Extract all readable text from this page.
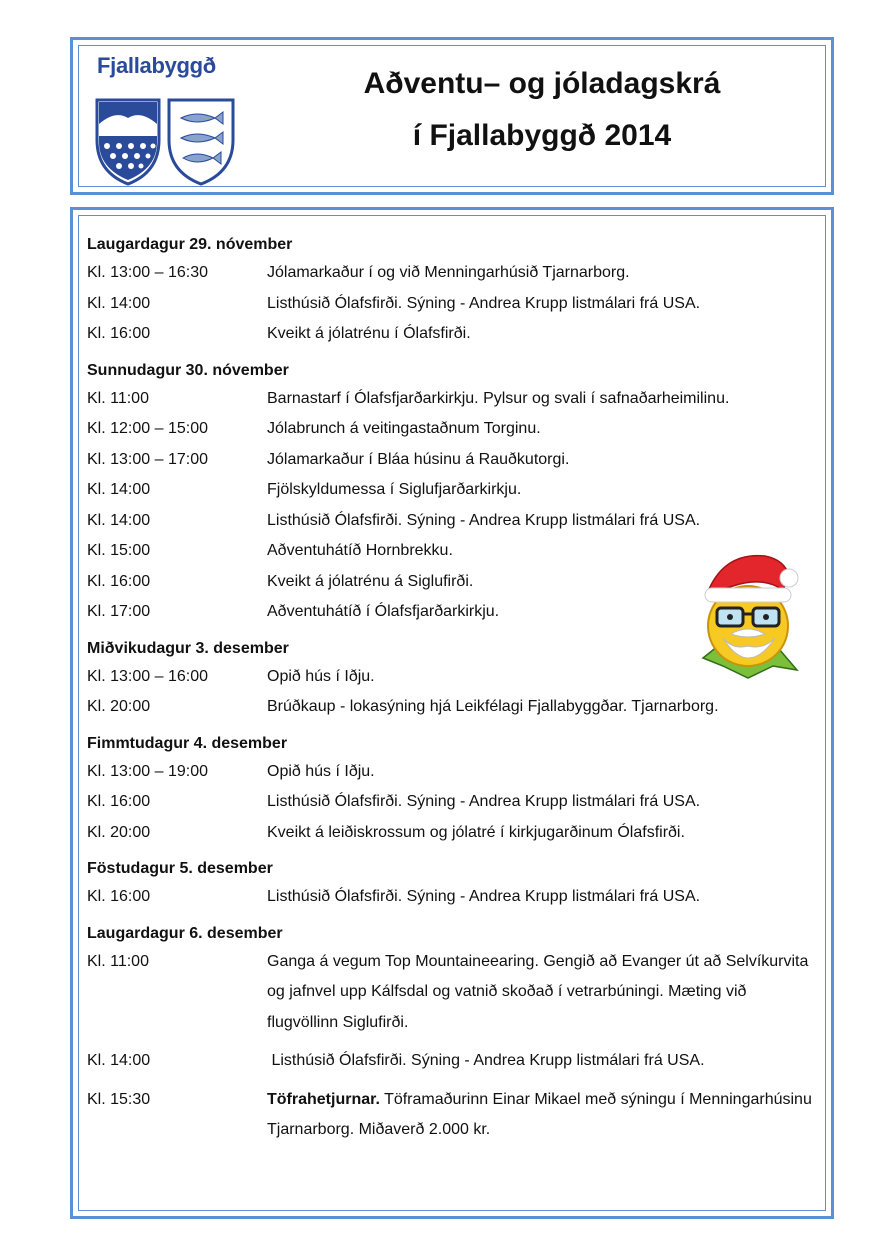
Fjallabyggð
Aðventu– og jóladagskrá
í Fjallabyggð 2014
Laugardagur 29. nóvember
Kl. 13:00 – 16:30	Jólamarkaður í og við Menningarhúsið Tjarnarborg.
Kl. 14:00	Listhúsið Ólafsfirði. Sýning - Andrea Krupp listmálari frá USA.
Kl. 16:00	Kveikt á jólatrénu í Ólafsfirði.
Sunnudagur 30. nóvember
Kl. 11:00	Barnastarf í Ólafsfjarðarkirkju. Pylsur og svali í safnaðarheimilinu.
Kl. 12:00 – 15:00	Jólabrunch á veitingastaðnum Torginu.
Kl. 13:00 – 17:00	Jólamarkaður í Bláa húsinu á Rauðkutorgi.
Kl. 14:00	Fjölskyldumessa í Siglufjarðarkirkju.
Kl. 14:00	Listhúsið Ólafsfirði. Sýning - Andrea Krupp listmálari frá USA.
Kl. 15:00	Aðventuhátíð Hornbrekku.
Kl. 16:00	Kveikt á jólatrénu á Siglufirði.
Kl. 17:00	Aðventuhátíð í Ólafsfjarðarkirkju.
Miðvikudagur 3. desember
Kl. 13:00 – 16:00	Opið hús í Iðju.
Kl. 20:00	Brúðkaup - lokasýning hjá Leikfélagi Fjallabyggðar. Tjarnarborg.
Fimmtudagur 4. desember
Kl. 13:00 – 19:00	Opið hús í Iðju.
Kl. 16:00	Listhúsið Ólafsfirði. Sýning - Andrea Krupp listmálari frá USA.
Kl. 20:00	Kveikt á leiðiskrossum og jólatré í kirkjugarðinum Ólafsfirði.
Föstudagur 5. desember
Kl. 16:00	Listhúsið Ólafsfirði. Sýning - Andrea Krupp listmálari frá USA.
Laugardagur 6. desember
Kl. 11:00	Ganga á vegum Top Mountaineearing. Gengið að Evanger út að Selvíkurvita og jafnvel upp Kálfsdal og vatnið skoðað í vetrarbúningi. Mæting við flugvöllinn Siglufirði.
Kl. 14:00	Listhúsið Ólafsfirði. Sýning - Andrea Krupp listmálari frá USA.
Kl. 15:30	Töfrahetjurnar. Töframaðurinn Einar Mikael með sýningu í Menningarhúsinu Tjarnarborg. Miðaverð 2.000 kr.
